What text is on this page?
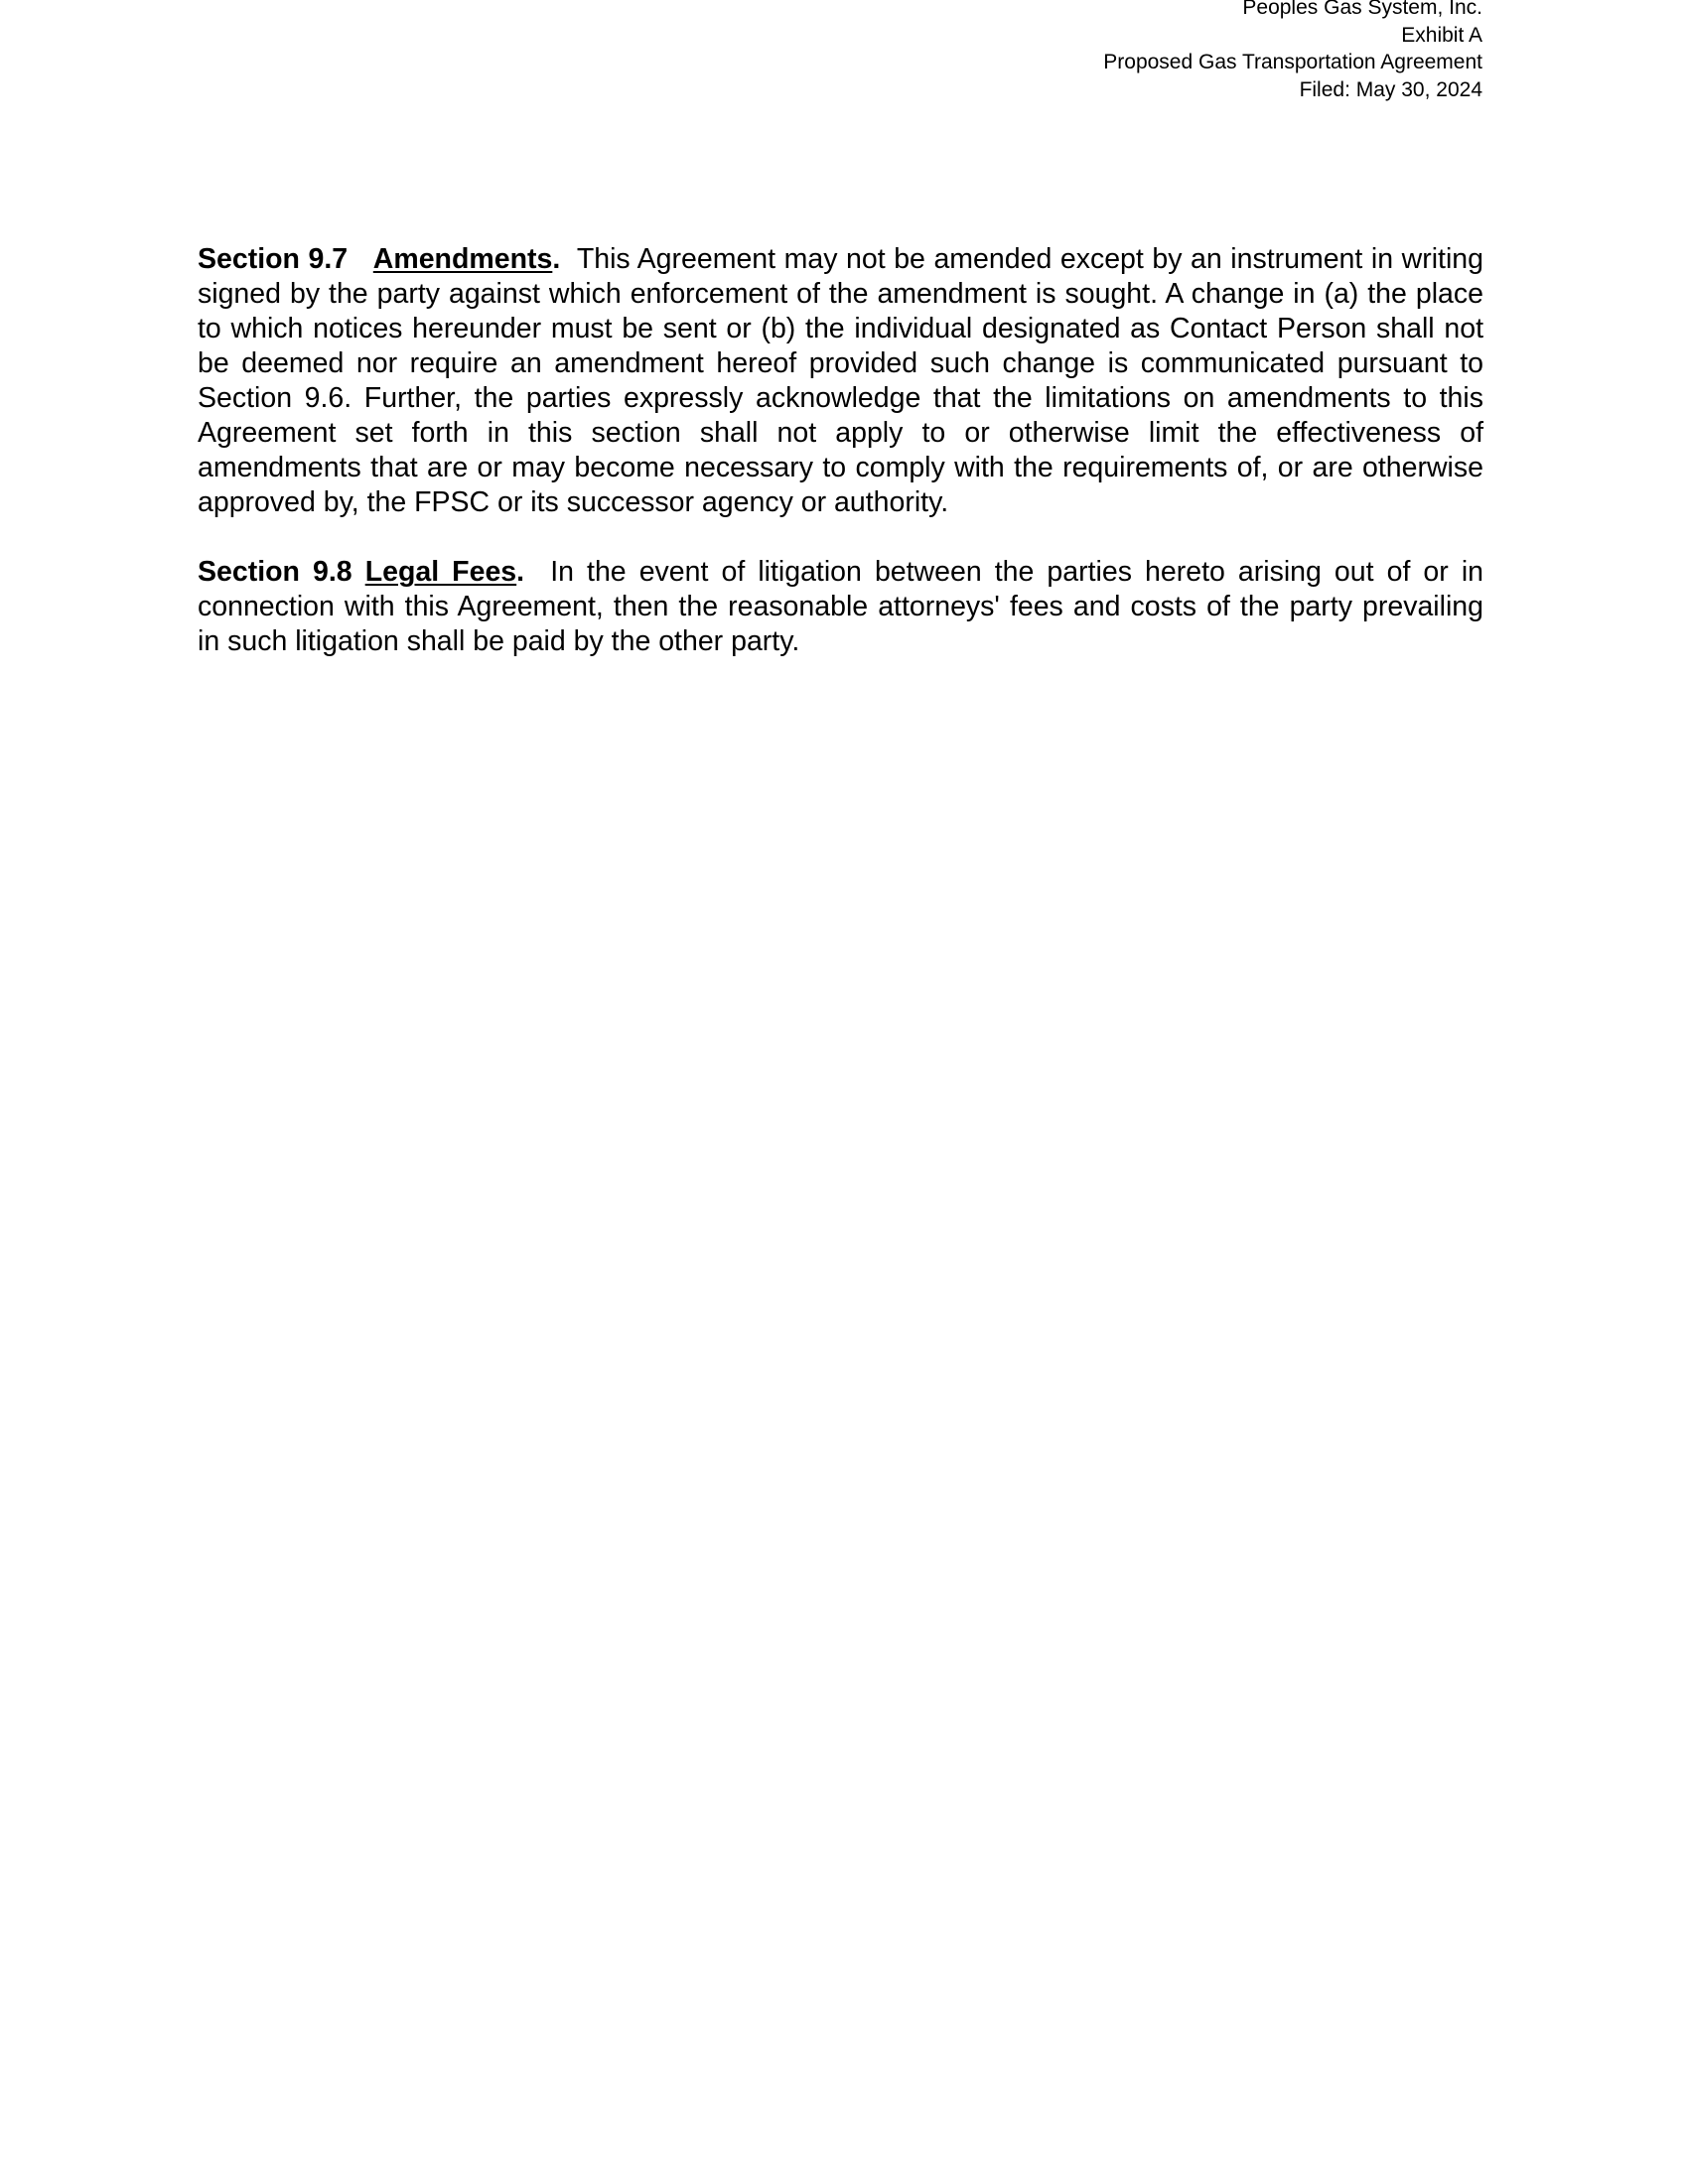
Peoples Gas System, Inc.
Exhibit A
Proposed Gas Transportation Agreement
Filed: May 30, 2024

Section 9.7 Amendments. This Agreement may not be amended except by an instrument in writing signed by the party against which enforcement of the amendment is sought. A change in (a) the place to which notices hereunder must be sent or (b) the individual designated as Contact Person shall not be deemed nor require an amendment hereof provided such change is communicated pursuant to Section 9.6. Further, the parties expressly acknowledge that the limitations on amendments to this Agreement set forth in this section shall not apply to or otherwise limit the effectiveness of amendments that are or may become necessary to comply with the requirements of, or are otherwise approved by, the FPSC or its successor agency or authority.

Section 9.8 Legal Fees. In the event of litigation between the parties hereto arising out of or in connection with this Agreement, then the reasonable attorneys' fees and costs of the party prevailing in such litigation shall be paid by the other party.
